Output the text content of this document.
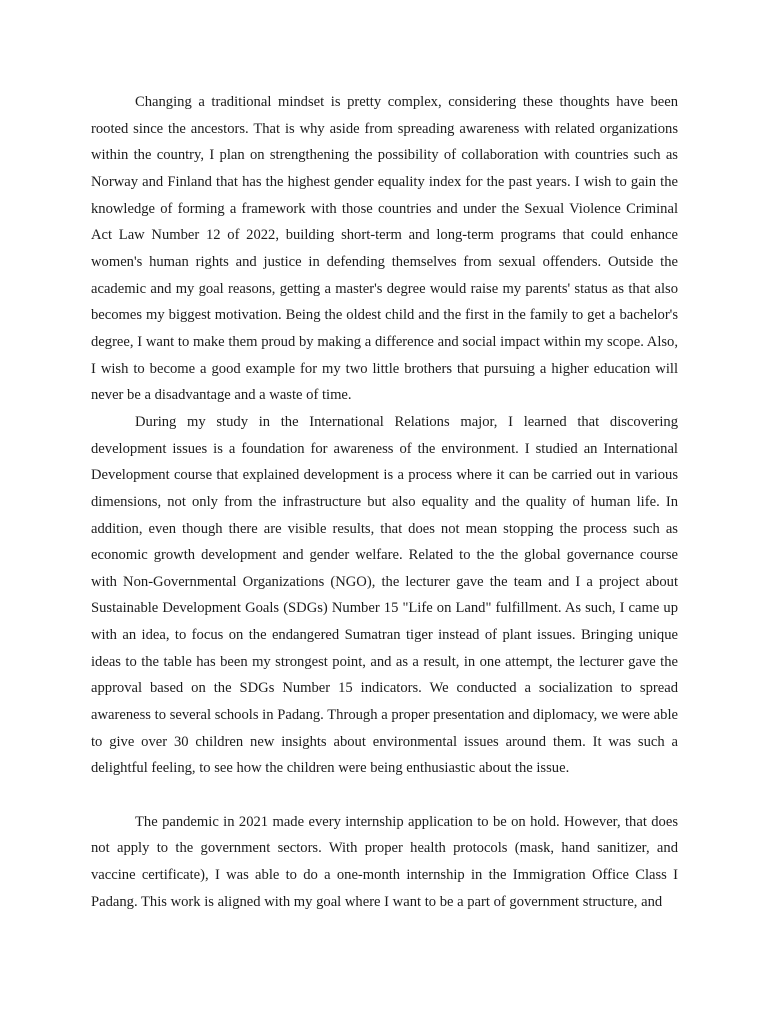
Changing a traditional mindset is pretty complex, considering these thoughts have been rooted since the ancestors. That is why aside from spreading awareness with related organizations within the country, I plan on strengthening the possibility of collaboration with countries such as Norway and Finland that has the highest gender equality index for the past years. I wish to gain the knowledge of forming a framework with those countries and under the Sexual Violence Criminal Act Law Number 12 of 2022, building short-term and long-term programs that could enhance women's human rights and justice in defending themselves from sexual offenders. Outside the academic and my goal reasons, getting a master's degree would raise my parents' status as that also becomes my biggest motivation. Being the oldest child and the first in the family to get a bachelor's degree, I want to make them proud by making a difference and social impact within my scope. Also, I wish to become a good example for my two little brothers that pursuing a higher education will never be a disadvantage and a waste of time.

During my study in the International Relations major, I learned that discovering development issues is a foundation for awareness of the environment. I studied an International Development course that explained development is a process where it can be carried out in various dimensions, not only from the infrastructure but also equality and the quality of human life. In addition, even though there are visible results, that does not mean stopping the process such as economic growth development and gender welfare. Related to the the global governance course with Non-Governmental Organizations (NGO), the lecturer gave the team and I a project about Sustainable Development Goals (SDGs) Number 15 "Life on Land" fulfillment. As such, I came up with an idea, to focus on the endangered Sumatran tiger instead of plant issues. Bringing unique ideas to the table has been my strongest point, and as a result, in one attempt, the lecturer gave the approval based on the SDGs Number 15 indicators. We conducted a socialization to spread awareness to several schools in Padang. Through a proper presentation and diplomacy, we were able to give over 30 children new insights about environmental issues around them. It was such a delightful feeling, to see how the children were being enthusiastic about the issue.

The pandemic in 2021 made every internship application to be on hold. However, that does not apply to the government sectors. With proper health protocols (mask, hand sanitizer, and vaccine certificate), I was able to do a one-month internship in the Immigration Office Class I Padang. This work is aligned with my goal where I want to be a part of government structure, and
